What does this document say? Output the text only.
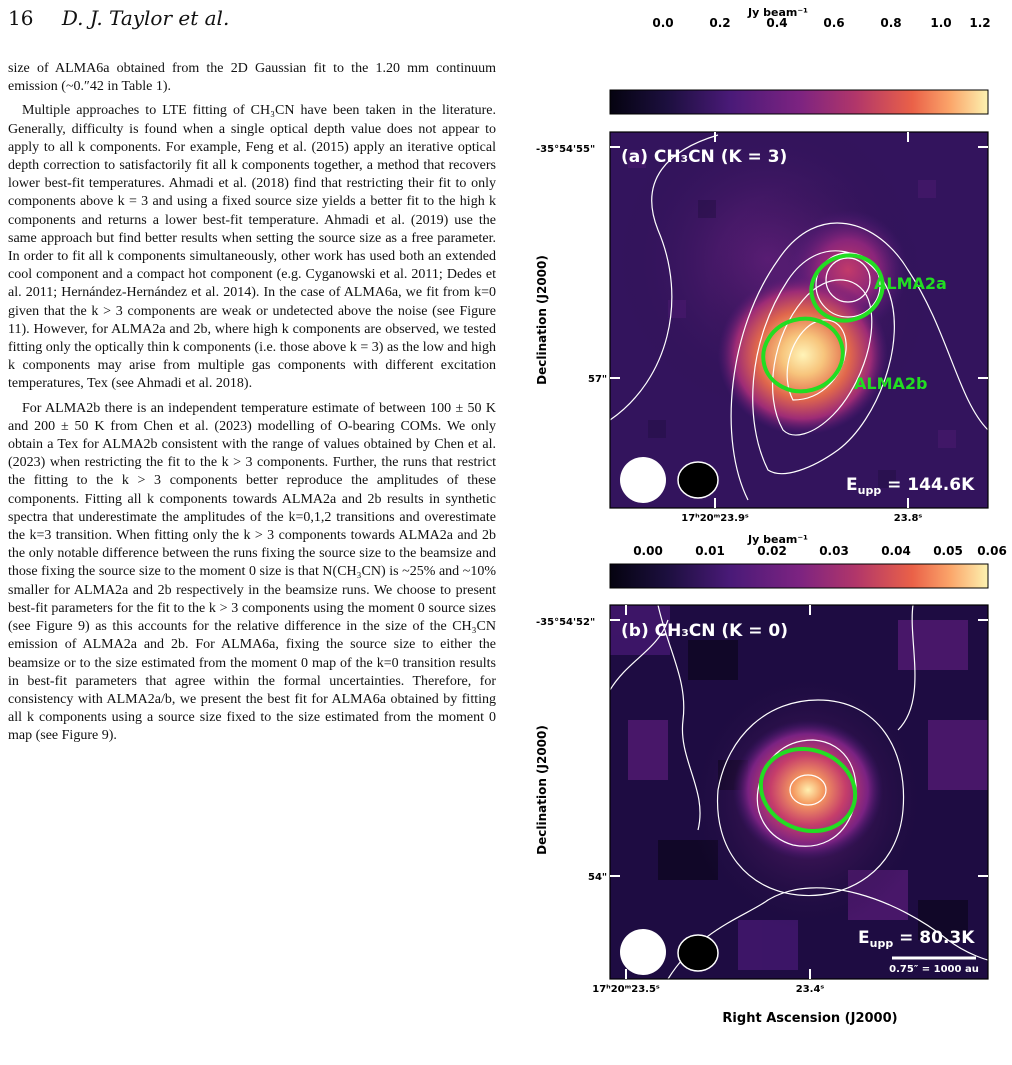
16 D. J. Taylor et al.

size of ALMA6a obtained from the 2D Gaussian fit to the 1.20 mm continuum emission (~0.″42 in Table 1).

Multiple approaches to LTE fitting of CH₃CN have been taken in the literature. Generally, difficulty is found when a single optical depth value does not appear to apply to all k components. For example, Feng et al. (2015) apply an iterative optical depth correction to satisfactorily fit all k components together, a method that recovers lower best-fit temperatures. Ahmadi et al. (2018) find that restricting their fit to only components above k = 3 and using a fixed source size yields a better fit to the high k components and returns a lower best-fit temperature. Ahmadi et al. (2019) use the same approach but find better results when setting the source size as a free parameter. In order to fit all k components simultaneously, other work has used both an extended cool component and a compact hot component (e.g. Cyganowski et al. 2011; Dedes et al. 2011; Hernández-Hernández et al. 2014). In the case of ALMA6a, we fit from k=0 given that the k > 3 components are weak or undetected above the noise (see Figure 11). However, for ALMA2a and 2b, where high k components are observed, we tested fitting only the optically thin k components (i.e. those above k = 3) as the low and high k components may arise from multiple gas components with different excitation temperatures, Tex (see Ahmadi et al. 2018).

For ALMA2b there is an independent temperature estimate of between 100 ± 50 K and 200 ± 50 K from Chen et al. (2023) modelling of O-bearing COMs. We only obtain a Tex for ALMA2b consistent with the range of values obtained by Chen et al. (2023) when restricting the fit to the k > 3 components. Further, the runs that restrict the fitting to the k > 3 components better reproduce the amplitudes of these components. Fitting all k components towards ALMA2a and 2b results in synthetic spectra that underestimate the amplitudes of the k=0,1,2 transitions and overestimate the k=3 transition. When fitting only the k > 3 components towards ALMA2a and 2b the only notable difference between the runs fixing the source size to the beamsize and those fixing the source size to the moment 0 size is that N(CH₃CN) is ~25% and ~10% smaller for ALMA2a and 2b respectively in the beamsize runs. We choose to present best-fit parameters for the fit to the k > 3 components using the moment 0 source sizes (see Figure 9) as this accounts for the relative difference in the size of the CH₃CN emission of ALMA2a and 2b. For ALMA6a, fixing the source size to either the beamsize or to the size estimated from the moment 0 map of the k=0 transition results in best-fit parameters that agree within the formal uncertainties. Therefore, for consistency with ALMA2a/b, we present the best fit for ALMA6a obtained by fitting all k components using a source size fixed to the size estimated from the moment 0 map (see Figure 9).

Jy beam⁻¹
0.0	0.2	0.4	0.6	0.8 1.0 1.2
-35°54'55"
57"
17ʰ20ᵐ23.9ˢ	23.8ˢ
Declination (J2000)
(a) CH₃CN (K = 3)
ALMA2a
ALMA2b
$E_{upp} = 144.6K$
Jy beam⁻¹
0.00	0.01	0.02	0.03	0.04 0.05 0.06
-35°54'52"
54"
17ʰ20ᵐ23.5ˢ	23.4ˢ
Declination (J2000)
(b) CH₃CN (K = 0)
$E_{upp} = 80.3K$
0.75″ = 1000 au
Right Ascension (J2000)
